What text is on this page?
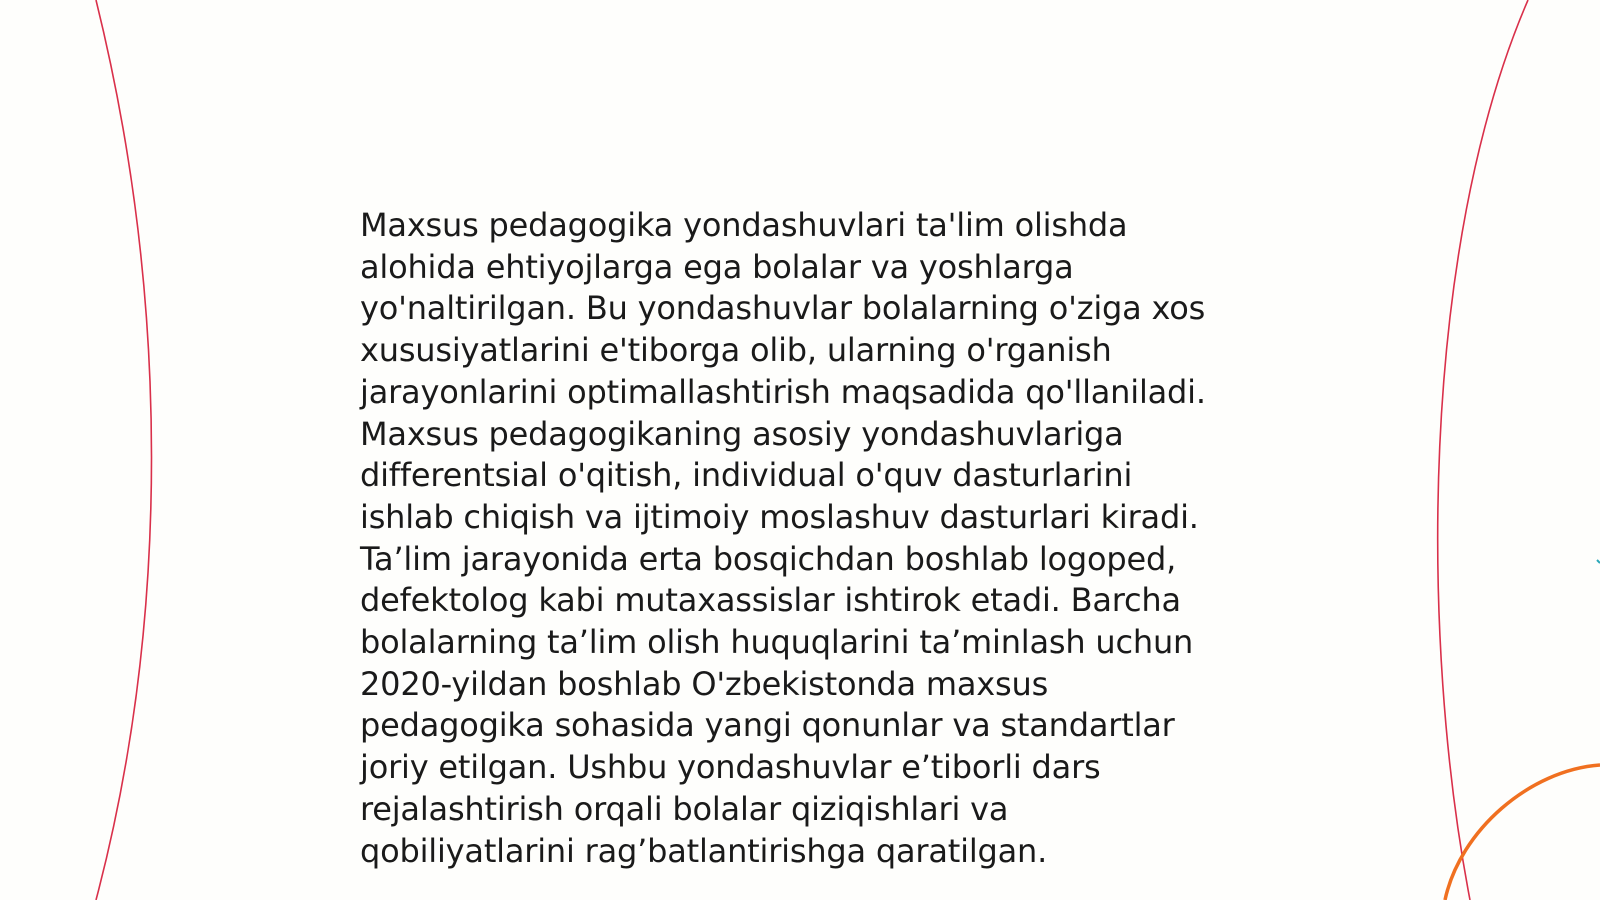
Maxsus pedagogika yondashuvlari ta'lim olishda
alohida ehtiyojlarga ega bolalar va yoshlarga
yo'naltirilgan. Bu yondashuvlar bolalarning o'ziga xos
xususiyatlarini e'tiborga olib, ularning o'rganish
jarayonlarini optimallashtirish maqsadida qo'llaniladi.
Maxsus pedagogikaning asosiy yondashuvlariga
differentsial o'qitish, individual o'quv dasturlarini
ishlab chiqish va ijtimoiy moslashuv dasturlari kiradi.
Ta’lim jarayonida erta bosqichdan boshlab logoped,
defektolog kabi mutaxassislar ishtirok etadi. Barcha
bolalarning ta’lim olish huquqlarini ta’minlash uchun
2020-yildan boshlab O'zbekistonda maxsus
pedagogika sohasida yangi qonunlar va standartlar
joriy etilgan. Ushbu yondashuvlar e’tiborli dars
rejalashtirish orqali bolalar qiziqishlari va
qobiliyatlarini rag’batlantirishga qaratilgan.
